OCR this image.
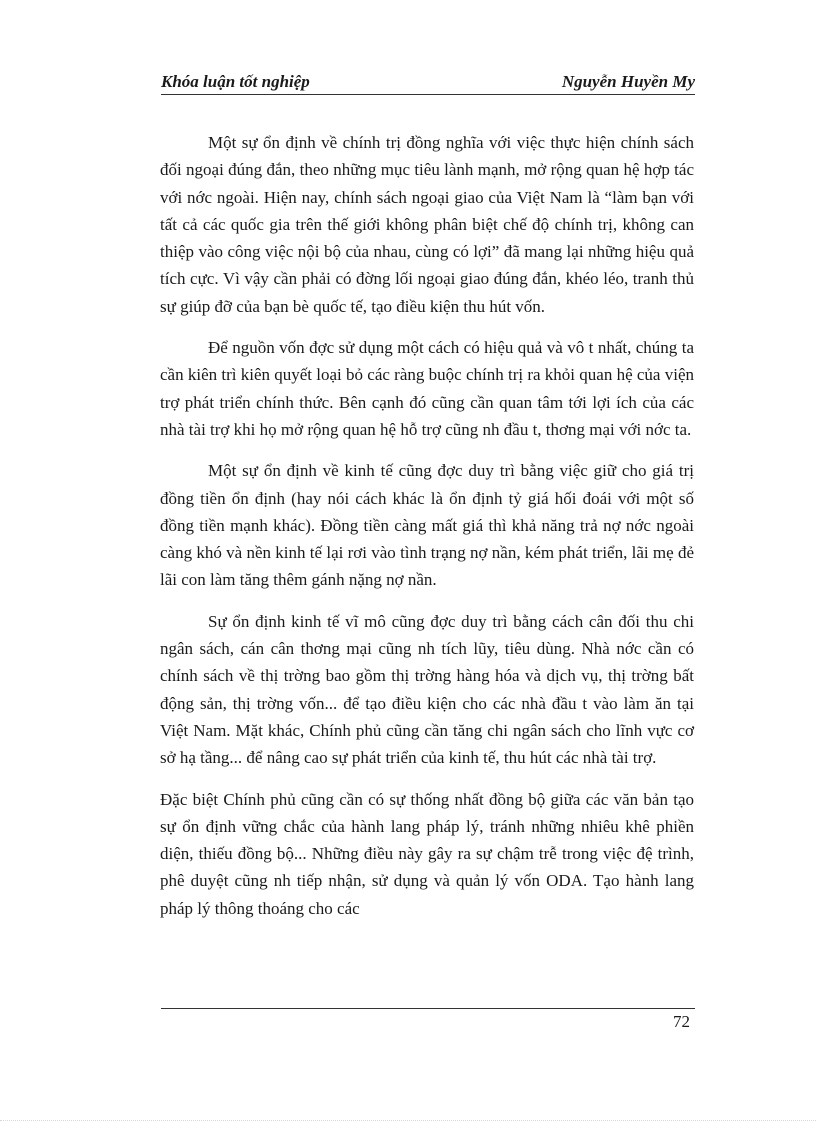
Khóa luận tốt nghiệp	Nguyễn Huyền My

Một sự ổn định về chính trị đồng nghĩa với việc thực hiện chính sách đối ngoại đúng đắn, theo những mục tiêu lành mạnh, mở rộng quan hệ hợp tác với nớc ngoài. Hiện nay, chính sách ngoại giao của Việt Nam là “làm bạn với tất cả các quốc gia trên thế giới không phân biệt chế độ chính trị, không can thiệp vào công việc nội bộ của nhau, cùng có lợi” đã mang lại những hiệu quả tích cực. Vì vậy cần phải có đờng lối ngoại giao đúng đắn, khéo léo, tranh thủ sự giúp đỡ của bạn bè quốc tế, tạo điều kiện thu hút vốn.

Để nguồn vốn đợc sử dụng một cách có hiệu quả và vô t nhất, chúng ta cần kiên trì kiên quyết loại bỏ các ràng buộc chính trị ra khỏi quan hệ của viện trợ phát triển chính thức. Bên cạnh đó cũng cần quan tâm tới lợi ích của các nhà tài trợ khi họ mở rộng quan hệ hỗ trợ cũng nh đầu t, thơng mại với nớc ta.

Một sự ổn định về kinh tế cũng đợc duy trì bằng việc giữ cho giá trị đồng tiền ổn định (hay nói cách khác là ổn định tỷ giá hối đoái với một số đồng tiền mạnh khác). Đồng tiền càng mất giá thì khả năng trả nợ nớc ngoài càng khó và nền kinh tế lại rơi vào tình trạng nợ nần, kém phát triển, lãi mẹ đẻ lãi con làm tăng thêm gánh nặng nợ nần.

Sự ổn định kinh tế vĩ mô cũng đợc duy trì bằng cách cân đối thu chi ngân sách, cán cân thơng mại cũng nh tích lũy, tiêu dùng. Nhà nớc cần có chính sách về thị trờng bao gồm thị trờng hàng hóa và dịch vụ, thị trờng bất động sản, thị trờng vốn... để tạo điều kiện cho các nhà đầu t vào làm ăn tại Việt Nam. Mặt khác, Chính phủ cũng cần tăng chi ngân sách cho lĩnh vực cơ sở hạ tầng... để nâng cao sự phát triển của kinh tế, thu hút các nhà tài trợ.

Đặc biệt Chính phủ cũng cần có sự thống nhất đồng bộ giữa các văn bản tạo sự ổn định vững chắc của hành lang pháp lý, tránh những nhiêu khê phiền diện, thiếu đồng bộ... Những điều này gây ra sự chậm trễ trong việc đệ trình, phê duyệt cũng nh tiếp nhận, sử dụng và quản lý vốn ODA. Tạo hành lang pháp lý thông thoáng cho các

72
